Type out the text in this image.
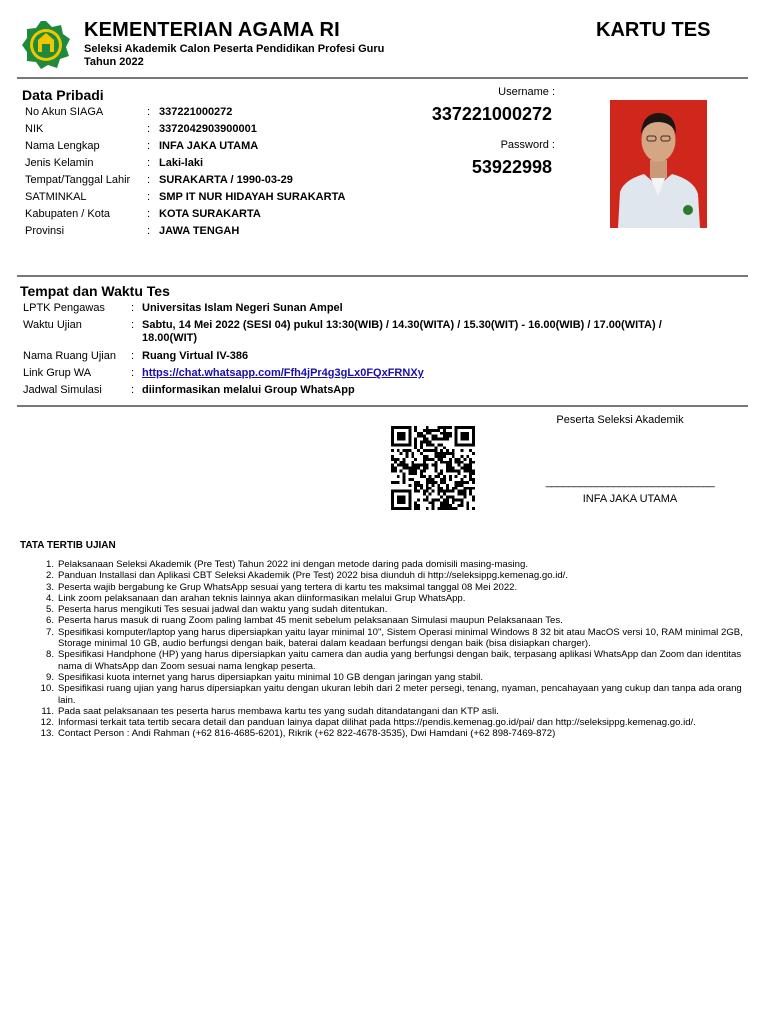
KEMENTERIAN AGAMA RI
Seleksi Akademik Calon Peserta Pendidikan Profesi Guru
Tahun 2022
KARTU TES
Data Pribadi
No Akun SIAGA	:	337221000272
NIK	:	3372042903900001
Nama Lengkap	:	INFA JAKA UTAMA
Jenis Kelamin	:	Laki-laki
Tempat/Tanggal Lahir	:	SURAKARTA / 1990-03-29
SATMINKAL	:	SMP IT NUR HIDAYAH SURAKARTA
Kabupaten / Kota	:	KOTA SURAKARTA
Provinsi	:	JAWA TENGAH
Username :
337221000272
Password :
53922998
Tempat dan Waktu Tes
LPTK Pengawas	:	Universitas Islam Negeri Sunan Ampel
Waktu Ujian	:	Sabtu, 14 Mei 2022 (SESI 04) pukul 13:30(WIB) / 14.30(WITA) / 15.30(WIT) - 16.00(WIB) / 17.00(WITA) / 18.00(WIT)
Nama Ruang Ujian	:	Ruang Virtual IV-386
Link Grup WA	:	https://chat.whatsapp.com/Ffh4jPr4g3gLx0FQxFRNXy
Jadwal Simulasi	:	diinformasikan melalui Group WhatsApp
Peserta Seleksi Akademik
______________________________
INFA JAKA UTAMA
TATA TERTIB UJIAN
1. Pelaksanaan Seleksi Akademik (Pre Test) Tahun 2022 ini dengan metode daring pada domisili masing-masing.
2. Panduan Installasi dan Aplikasi CBT Seleksi Akademik (Pre Test) 2022 bisa diunduh di http://seleksippg.kemenag.go.id/.
3. Peserta wajib bergabung ke Grup WhatsApp sesuai yang tertera di kartu tes maksimal tanggal 08 Mei 2022.
4. Link zoom pelaksanaan dan arahan teknis lainnya akan diinformasikan melalui Grup WhatsApp.
5. Peserta harus mengikuti Tes sesuai jadwal dan waktu yang sudah ditentukan.
6. Peserta harus masuk di ruang Zoom paling lambat 45 menit sebelum pelaksanaan Simulasi maupun Pelaksanaan Tes.
7. Spesifikasi komputer/laptop yang harus dipersiapkan yaitu layar minimal 10", Sistem Operasi minimal Windows 8 32 bit atau MacOS versi 10, RAM minimal 2GB, Storage minimal 10 GB, audio berfungsi dengan baik, baterai dalam keadaan berfungsi dengan baik (bisa disiapkan charger).
8. Spesifikasi Handphone (HP) yang harus dipersiapkan yaitu camera dan audia yang berfungsi dengan baik, terpasang aplikasi WhatsApp dan Zoom dan identitas nama di WhatsApp dan Zoom sesuai nama lengkap peserta.
9. Spesifikasi kuota internet yang harus dipersiapkan yaitu minimal 10 GB dengan jaringan yang stabil.
10. Spesifikasi ruang ujian yang harus dipersiapkan yaitu dengan ukuran lebih dari 2 meter persegi, tenang, nyaman, pencahayaan yang cukup dan tanpa ada orang lain.
11. Pada saat pelaksanaan tes peserta harus membawa kartu tes yang sudah ditandatangani dan KTP asli.
12. Informasi terkait tata tertib secara detail dan panduan lainya dapat dilihat pada https://pendis.kemenag.go.id/pai/ dan http://seleksippg.kemenag.go.id/.
13. Contact Person : Andi Rahman (+62 816-4685-6201), Rikrik (+62 822-4678-3535), Dwi Hamdani (+62 898-7469-872)
